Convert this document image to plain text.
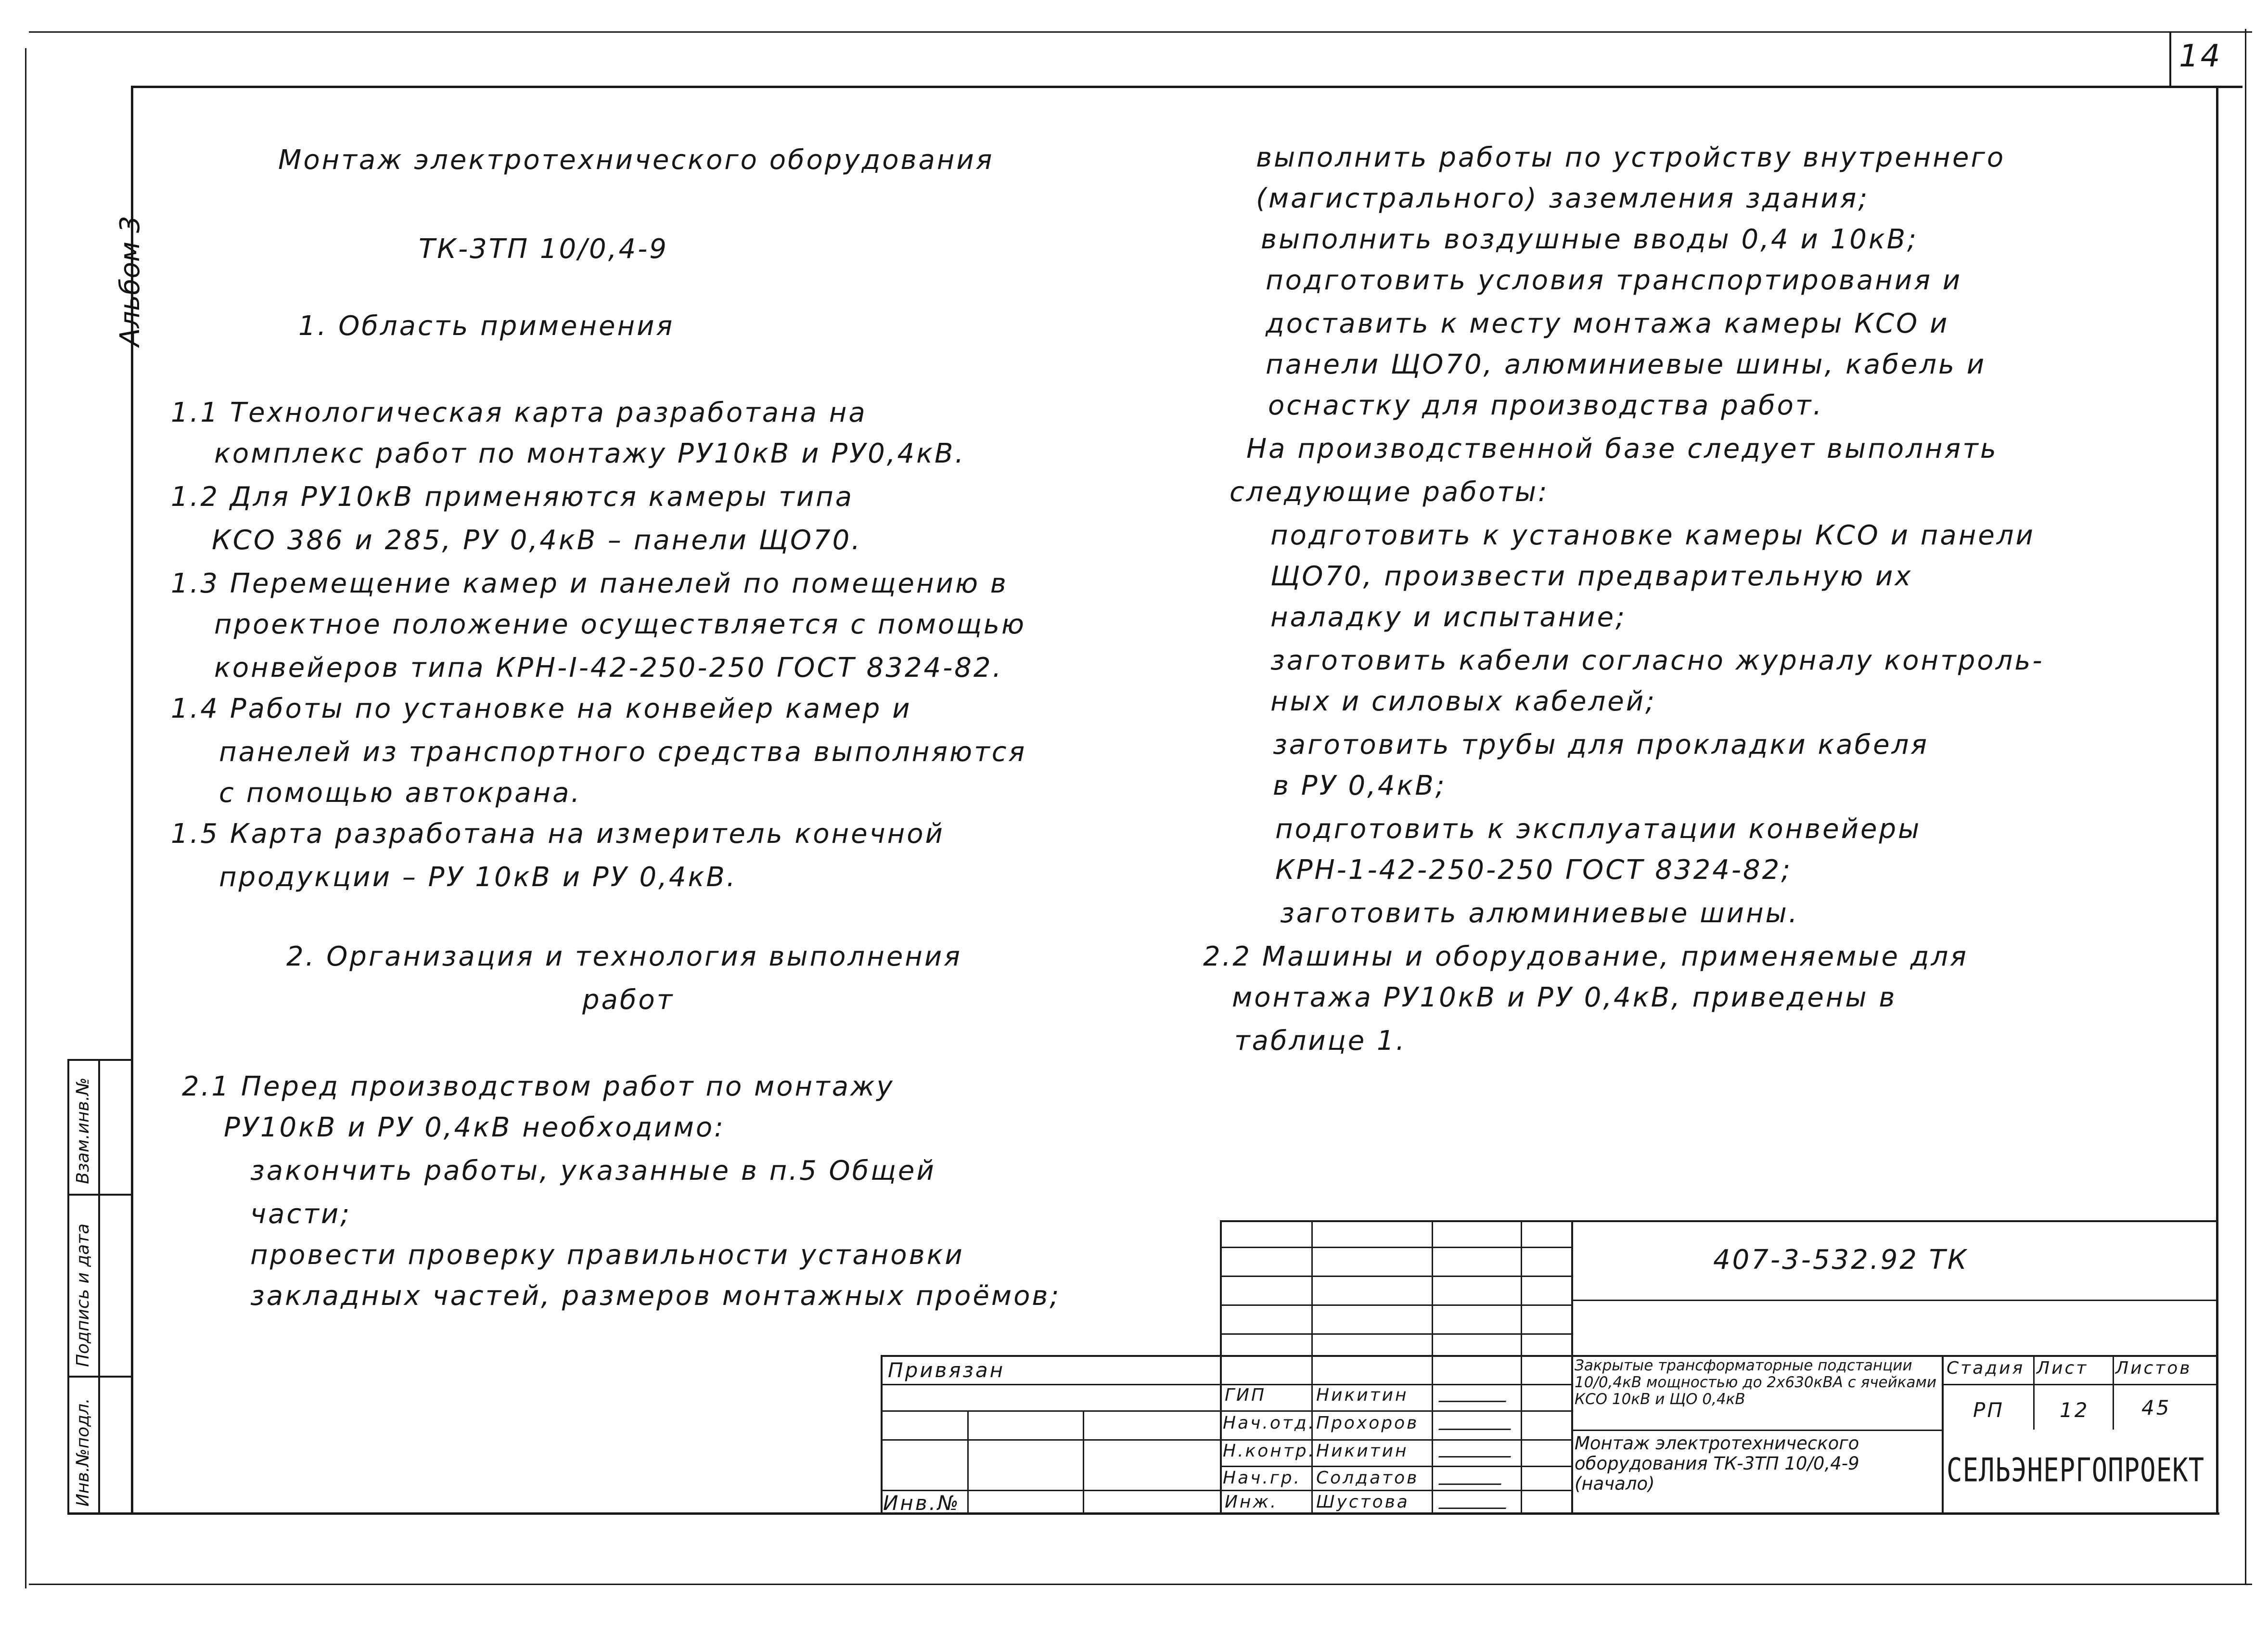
14
Альбом 3
Взам.инв.№
Подпись и дата
Инв.№подл.
Монтаж электротехнического оборудования
ТК-3ТП 10/0,4-9
1. Область применения
1.1 Технологическая карта разработана на
комплекс работ по монтажу РУ10кВ и РУ0,4кВ.
1.2 Для РУ10кВ применяются камеры типа
КСО 386 и 285, РУ 0,4кВ – панели ЩО70.
1.3 Перемещение камер и панелей по помещению в
проектное положение осуществляется с помощью
конвейеров типа КРН-I-42-250-250 ГОСТ 8324-82.
1.4 Работы по установке на конвейер камер и
панелей из транспортного средства выполняются
с помощью автокрана.
1.5 Карта разработана на измеритель конечной
продукции – РУ 10кВ и РУ 0,4кВ.
2. Организация и технология выполнения
работ
2.1 Перед производством работ по монтажу
РУ10кВ и РУ 0,4кВ необходимо:
закончить работы, указанные в п.5 Общей
части;
провести проверку правильности установки
закладных частей, размеров монтажных проёмов;
выполнить работы по устройству внутреннего
(магистрального) заземления здания;
выполнить воздушные вводы 0,4 и 10кВ;
подготовить условия транспортирования и
доставить к месту монтажа камеры КСО и
панели ЩО70, алюминиевые шины, кабель и
оснастку для производства работ.
На производственной базе следует выполнять
следующие работы:
подготовить к установке камеры КСО и панели
ЩО70, произвести предварительную их
наладку и испытание;
заготовить кабели согласно журналу контроль-
ных и силовых кабелей;
заготовить трубы для прокладки кабеля
в РУ 0,4кВ;
подготовить к эксплуатации конвейеры
КРН-1-42-250-250 ГОСТ 8324-82;
заготовить алюминиевые шины.
2.2 Машины и оборудование, применяемые для
монтажа РУ10кВ и РУ 0,4кВ, приведены в
таблице 1.
407-3-532.92 ТК
Привязан
Инв.№
ГИП
Нач.отд.
Н.контр.
Нач.гр.
Инж.
Никитин
Прохоров
Никитин
Солдатов
Шустова
Закрытые трансформаторные подстанции 10/0,4кВ мощностью до 2х630кВА с ячейками КСО 10кВ и ЩО 0,4кВ
Монтаж электротехнического оборудования ТК-3ТП 10/0,4-9 (начало)
Стадия Лист Листов
РП	12	45
СЕЛЬЭНЕРГОПРОЕКТ
